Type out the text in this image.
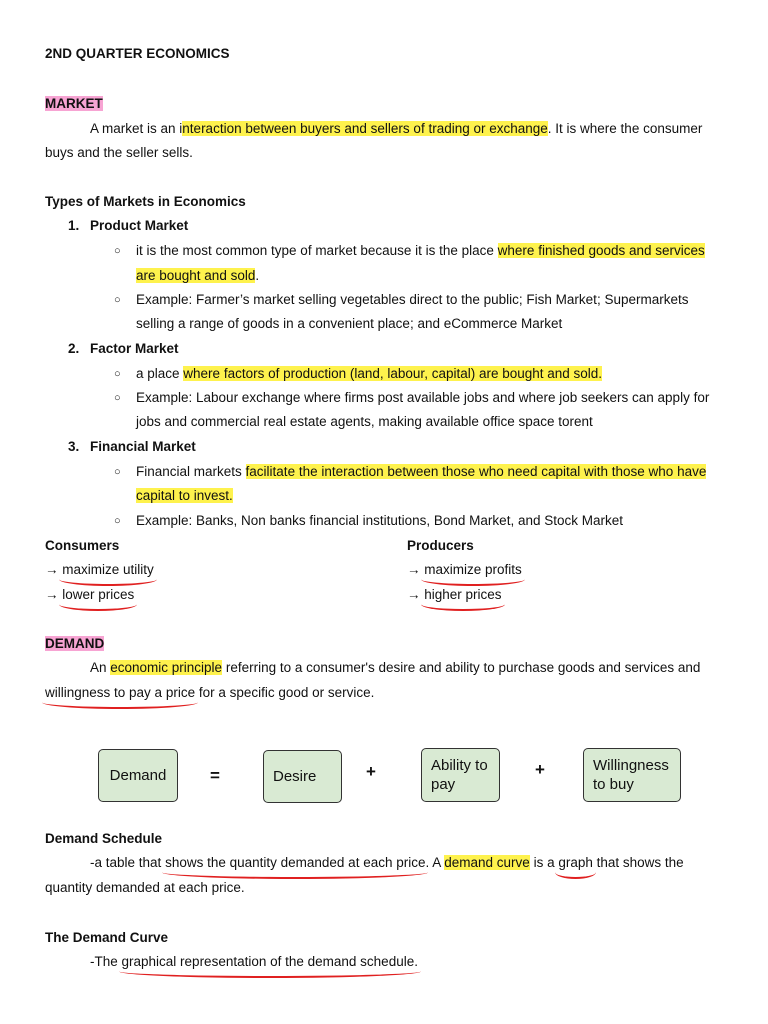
2ND QUARTER ECONOMICS
MARKET
A market is an interaction between buyers and sellers of trading or exchange. It is where the consumer
buys and the seller sells.
Types of Markets in Economics
1. Product Market
○ it is the most common type of market because it is the place where finished goods and services
are bought and sold.
○ Example: Farmer’s market selling vegetables direct to the public; Fish Market; Supermarkets
selling a range of goods in a convenient place; and eCommerce Market
2. Factor Market
○ a place where factors of production (land, labour, capital) are bought and sold.
○ Example: Labour exchange where firms post available jobs and where job seekers can apply for
jobs and commercial real estate agents, making available office space torent
3. Financial Market
○ Financial markets facilitate the interaction between those who need capital with those who have
capital to invest.
○ Example: Banks, Non banks financial institutions, Bond Market, and Stock Market
Consumers
→ maximize utility
→ lower prices
Producers
→ maximize profits
→ higher prices
DEMAND
An economic principle referring to a consumer's desire and ability to purchase goods and services and
willingness to pay a price
for a specific good or service.
Demand	=	Desire	+	Ability to
pay
+	Willingness
to buy
Demand Schedule
-a table that shows the quantity demanded at each price
. A demand curve is a graph
that shows the
quantity demanded at each price.
The Demand Curve
-The graphical representation of the demand schedule.
